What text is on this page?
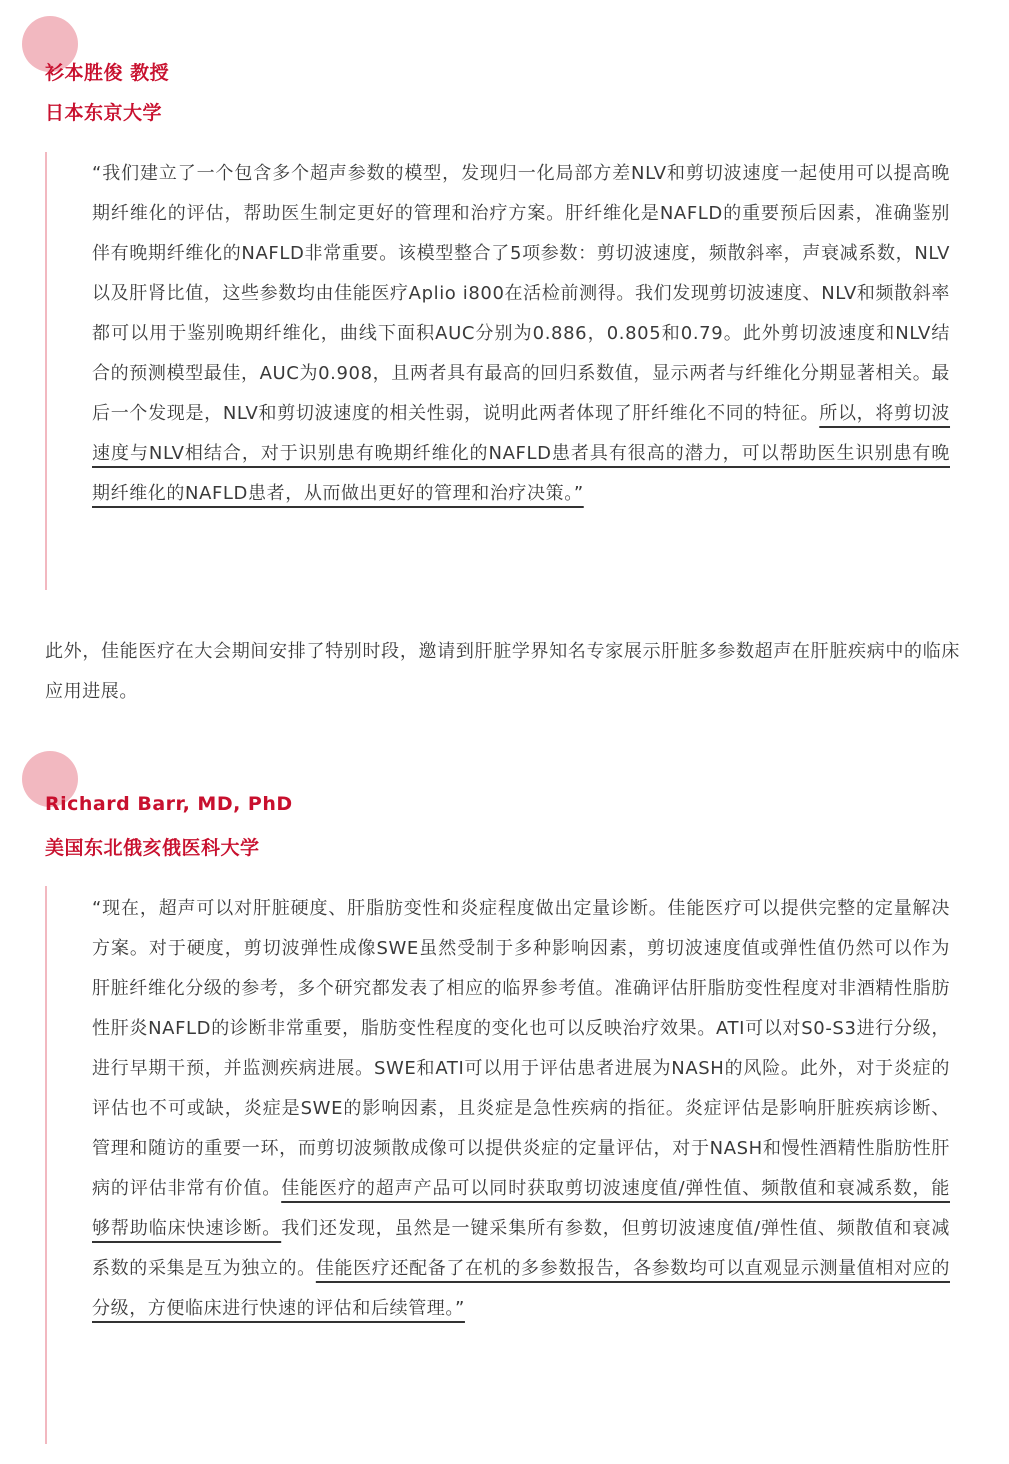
衫本胜俊 教授

日本东京大学

“我们建立了一个包含多个超声参数的模型，发现归一化局部方差NLV和剪切波速度一起使用可以提高晚期纤维化的评估，帮助医生制定更好的管理和治疗方案。肝纤维化是NAFLD的重要预后因素，准确鉴别伴有晚期纤维化的NAFLD非常重要。该模型整合了5项参数：剪切波速度，频散斜率，声衰减系数，NLV以及肝肾比值，这些参数均由佳能医疗Aplio i800在活检前测得。我们发现剪切波速度、NLV和频散斜率都可以用于鉴别晚期纤维化，曲线下面积AUC分别为0.886，0.805和0.79。此外剪切波速度和NLV结合的预测模型最佳，AUC为0.908，且两者具有最高的回归系数值，显示两者与纤维化分期显著相关。最后一个发现是，NLV和剪切波速度的相关性弱，说明此两者体现了肝纤维化不同的特征。所以，将剪切波速度与NLV相结合，对于识别患有晚期纤维化的NAFLD患者具有很高的潜力，可以帮助医生识别患有晚期纤维化的NAFLD患者，从而做出更好的管理和治疗决策。”

此外，佳能医疗在大会期间安排了特别时段，邀请到肝脏学界知名专家展示肝脏多参数超声在肝脏疾病中的临床应用进展。

Richard Barr, MD, PhD

美国东北俄亥俄医科大学

“现在，超声可以对肝脏硬度、肝脂肪变性和炎症程度做出定量诊断。佳能医疗可以提供完整的定量解决方案。对于硬度，剪切波弹性成像SWE虽然受制于多种影响因素，剪切波速度值或弹性值仍然可以作为肝脏纤维化分级的参考，多个研究都发表了相应的临界参考值。准确评估肝脂肪变性程度对非酒精性脂肪性肝炎NAFLD的诊断非常重要，脂肪变性程度的变化也可以反映治疗效果。ATI可以对S0-S3进行分级，进行早期干预，并监测疾病进展。SWE和ATI可以用于评估患者进展为NASH的风险。此外，对于炎症的评估也不可或缺，炎症是SWE的影响因素，且炎症是急性疾病的指征。炎症评估是影响肝脏疾病诊断、管理和随访的重要一环，而剪切波频散成像可以提供炎症的定量评估，对于NASH和慢性酒精性脂肪性肝病的评估非常有价值。佳能医疗的超声产品可以同时获取剪切波速度值/弹性值、频散值和衰减系数，能够帮助临床快速诊断。我们还发现，虽然是一键采集所有参数，但剪切波速度值/弹性值、频散值和衰减系数的采集是互为独立的。佳能医疗还配备了在机的多参数报告，各参数均可以直观显示测量值相对应的分级，方便临床进行快速的评估和后续管理。”
